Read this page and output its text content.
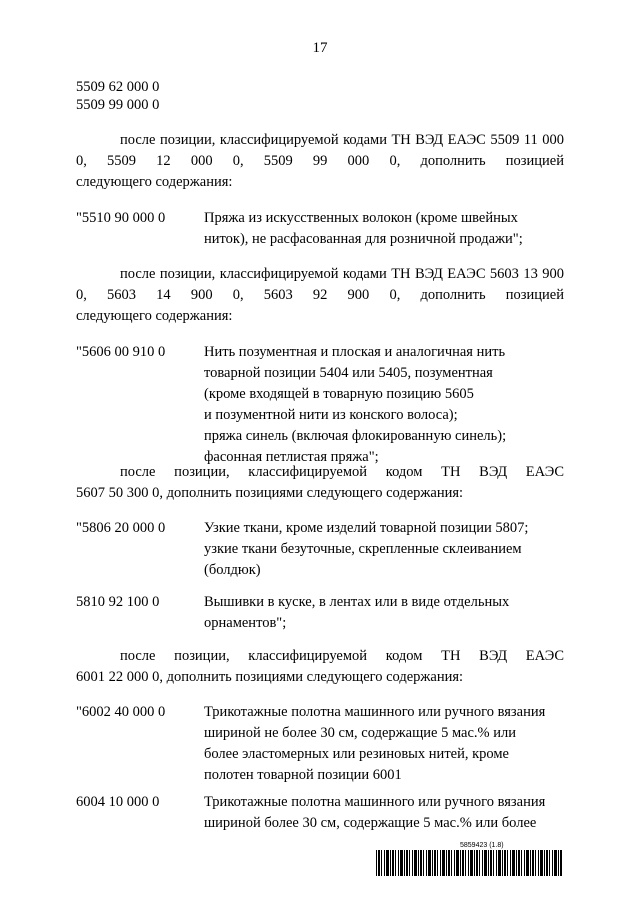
17
5509 62 000 0
5509 99 000 0
после позиции, классифицируемой кодами ТН ВЭД ЕАЭС 5509 11 000 0, 5509 12 000 0, 5509 99 000 0, дополнить позицией
следующего содержания:
"5510 90 000 0	Пряжа из искусственных волокон (кроме швейных
ниток), не расфасованная для розничной продажи";
после позиции, классифицируемой кодами ТН ВЭД ЕАЭС 5603 13 900 0, 5603 14 900 0, 5603 92 900 0, дополнить позицией
следующего содержания:
"5606 00 910 0	Нить позументная и плоская и аналогичная нить
товарной позиции 5404 или 5405, позументная
(кроме входящей в товарную позицию 5605
и позументной нити из конского волоса);
пряжа синель (включая флокированную синель);
фасонная петлистая пряжа";
после позиции, классифицируемой кодом ТН ВЭД ЕАЭС
5607 50 300 0, дополнить позициями следующего содержания:
"5806 20 000 0	Узкие ткани, кроме изделий товарной позиции 5807;
узкие ткани безуточные, скрепленные склеиванием
(болдюк)
5810 92 100 0	Вышивки в куске, в лентах или в виде отдельных
орнаментов";
после позиции, классифицируемой кодом ТН ВЭД ЕАЭС
6001 22 000 0, дополнить позициями следующего содержания:
"6002 40 000 0	Трикотажные полотна машинного или ручного вязания
шириной не более 30 см, содержащие 5 мас.% или
более эластомерных или резиновых нитей, кроме
полотен товарной позиции 6001
6004 10 000 0	Трикотажные полотна машинного или ручного вязания
шириной более 30 см, содержащие 5 мас.% или более
5859423 (1.8)
